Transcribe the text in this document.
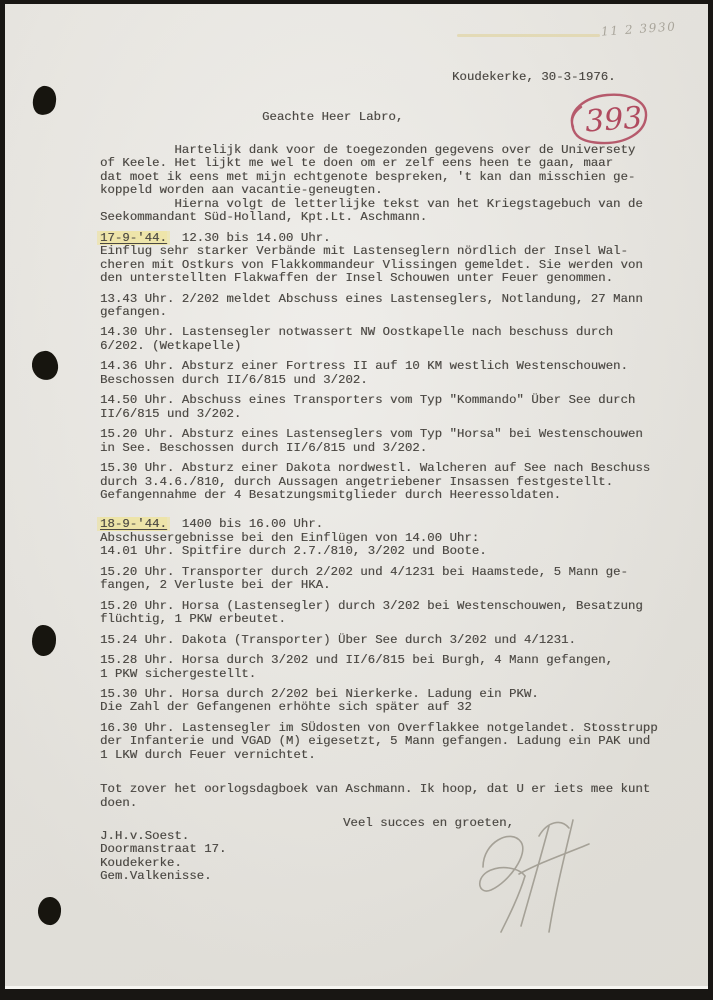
11 2 3930
393
Koudekerke, 30-3-1976.
Geachte Heer Labro,
Hartelijk dank voor de toegezonden gegevens over de Universety
of Keele. Het lijkt me wel te doen om er zelf eens heen te gaan, maar
dat moet ik eens met mijn echtgenote bespreken, 't kan dan misschien ge-
koppeld worden aan vacantie-geneugten.
Hierna volgt de letterlijke tekst van het Kriegstagebuch van de
Seekommandant Süd-Holland, Kpt.Lt. Aschmann.
17-9-'44.  12.30 bis 14.00 Uhr.
Einflug sehr starker Verbände mit Lastenseglern nördlich der Insel Wal-
cheren mit Ostkurs von Flakkommandeur Vlissingen gemeldet. Sie werden von
den unterstellten Flakwaffen der Insel Schouwen unter Feuer genommen.
13.43 Uhr. 2/202 meldet Abschuss eines Lastenseglers, Notlandung, 27 Mann
gefangen.
14.30 Uhr. Lastensegler notwassert NW Oostkapelle nach beschuss durch
6/202. (Wetkapelle)
14.36 Uhr. Absturz einer Fortress II auf 10 KM westlich Westenschouwen.
Beschossen durch II/6/815 und 3/202.
14.50 Uhr. Abschuss eines Transporters vom Typ "Kommando" Über See durch
II/6/815 und 3/202.
15.20 Uhr. Absturz eines Lastenseglers vom Typ "Horsa" bei Westenschouwen
in See. Beschossen durch II/6/815 und 3/202.
15.30 Uhr. Absturz einer Dakota nordwestl. Walcheren auf See nach Beschuss
durch 3.4.6./810, durch Aussagen angetriebener Insassen festgestellt.
Gefangennahme der 4 Besatzungsmitglieder durch Heeressoldaten.
18-9-'44.  1400 bis 16.00 Uhr.
Abschussergebnisse bei den Einflügen von 14.00 Uhr:
14.01 Uhr. Spitfire durch 2.7./810, 3/202 und Boote.
15.20 Uhr. Transporter durch 2/202 und 4/1231 bei Haamstede, 5 Mann ge-
fangen, 2 Verluste bei der HKA.
15.20 Uhr. Horsa (Lastensegler) durch 3/202 bei Westenschouwen, Besatzung
flüchtig, 1 PKW erbeutet.
15.24 Uhr. Dakota (Transporter) Über See durch 3/202 und 4/1231.
15.28 Uhr. Horsa durch 3/202 und II/6/815 bei Burgh, 4 Mann gefangen,
1 PKW sichergestellt.
15.30 Uhr. Horsa durch 2/202 bei Nierkerke. Ladung ein PKW.
Die Zahl der Gefangenen erhöhte sich später auf 32
16.30 Uhr. Lastensegler im SÜdosten von Overflakkee notgelandet. Stosstrupp
der Infanterie und VGAD (M) eigesetzt, 5 Mann gefangen. Ladung ein PAK und
1 LKW durch Feuer vernichtet.
Tot zover het oorlogsdagboek van Aschmann. Ik hoop, dat U er iets mee kunt
doen.
Veel succes en groeten,
J.H.v.Soest.
Doormanstraat 17.
Koudekerke.
Gem.Valkenisse.
